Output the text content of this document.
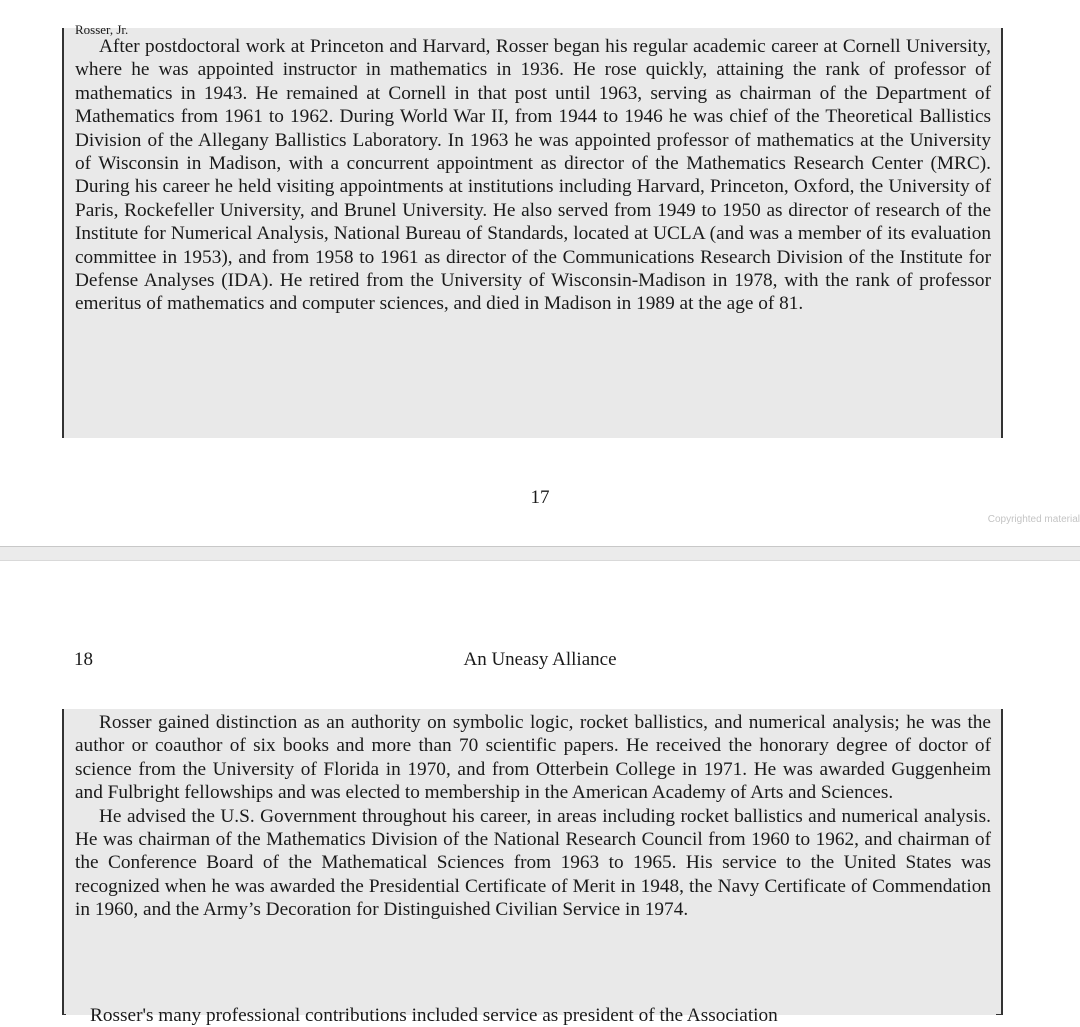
Rosser, Jr.

After postdoctoral work at Princeton and Harvard, Rosser began his regular academic career at Cornell University, where he was appointed instructor in mathematics in 1936. He rose quickly, attaining the rank of professor of mathematics in 1943. He remained at Cornell in that post until 1963, serving as chairman of the Department of Mathematics from 1961 to 1962. During World War II, from 1944 to 1946 he was chief of the Theoretical Ballistics Division of the Allegany Ballistics Laboratory. In 1963 he was appointed professor of mathematics at the University of Wisconsin in Madison, with a concurrent appointment as director of the Mathematics Research Center (MRC). During his career he held visiting appointments at institutions including Harvard, Princeton, Oxford, the University of Paris, Rockefeller University, and Brunel University. He also served from 1949 to 1950 as director of research of the Institute for Numerical Analysis, National Bureau of Standards, located at UCLA (and was a member of its evaluation committee in 1953), and from 1958 to 1961 as director of the Communications Research Division of the Institute for Defense Analyses (IDA). He retired from the University of Wisconsin-Madison in 1978, with the rank of professor emeritus of mathematics and computer sciences, and died in Madison in 1989 at the age of 81.

17
Copyrighted material
18	An Uneasy Alliance

Rosser gained distinction as an authority on symbolic logic, rocket ballistics, and numerical analysis; he was the author or coauthor of six books and more than 70 scientific papers. He received the honorary degree of doctor of science from the University of Florida in 1970, and from Otterbein College in 1971. He was awarded Guggenheim and Fulbright fellowships and was elected to membership in the American Academy of Arts and Sciences.

He advised the U.S. Government throughout his career, in areas including rocket ballistics and numerical analysis. He was chairman of the Mathematics Division of the National Research Council from 1960 to 1962, and chairman of the Conference Board of the Mathematical Sciences from 1963 to 1965. His service to the United States was recognized when he was awarded the Presidential Certificate of Merit in 1948, the Navy Certificate of Commendation in 1960, and the Army’s Decoration for Distinguished Civilian Service in 1974.

Rosser's many professional contributions included service as president of the Association
